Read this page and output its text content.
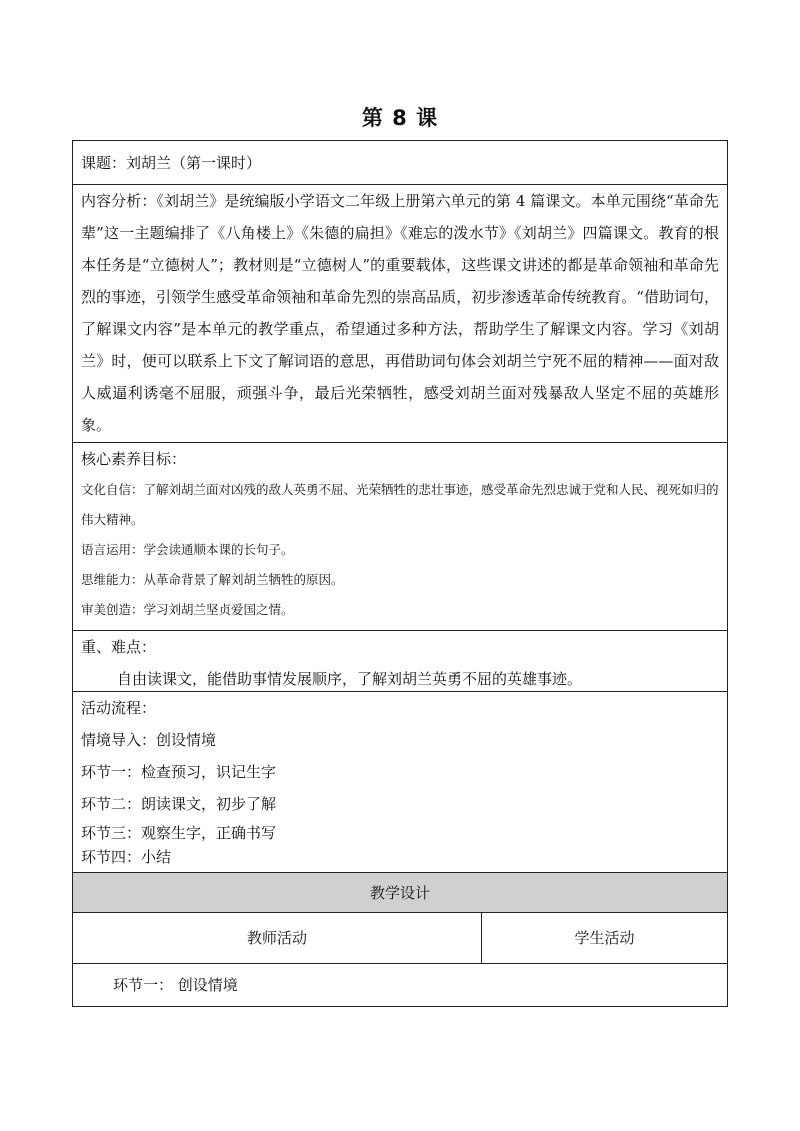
第 8 课
课题：刘胡兰（第一课时）
内容分析：《刘胡兰》是统编版小学语文二年级上册第六单元的第 4 篇课文。本单元围绕“革命先辈”这一主题编排了《八角楼上》《朱德的扁担》《难忘的泼水节》《刘胡兰》四篇课文。教育的根本任务是“立德树人”；教材则是“立德树人”的重要载体，这些课文讲述的都是革命领袖和革命先烈的事迹，引领学生感受革命领袖和革命先烈的崇高品质，初步渗透革命传统教育。“借助词句，了解课文内容”是本单元的教学重点，希望通过多种方法，帮助学生了解课文内容。学习《刘胡兰》时，便可以联系上下文了解词语的意思，再借助词句体会刘胡兰宁死不屈的精神——面对敌人威逼利诱毫不屈服，顽强斗争，最后光荣牺牲，感受刘胡兰面对残暴敌人坚定不屈的英雄形象。
核心素养目标：
文化自信：了解刘胡兰面对凶残的敌人英勇不屈、光荣牺牲的悲壮事迹，感受革命先烈忠诚于党和人民、视死如归的伟大精神。
语言运用：学会读通顺本课的长句子。
思维能力：从革命背景了解刘胡兰牺牲的原因。
审美创造：学习刘胡兰坚贞爱国之情。
重、难点：
自由读课文，能借助事情发展顺序，了解刘胡兰英勇不屈的英雄事迹。
活动流程：
情境导入：创设情境
环节一：检查预习，识记生字
环节二：朗读课文，初步了解
环节三：观察生字，正确书写
环节四：小结
教学设计
教师活动	学生活动
环节一： 创设情境
